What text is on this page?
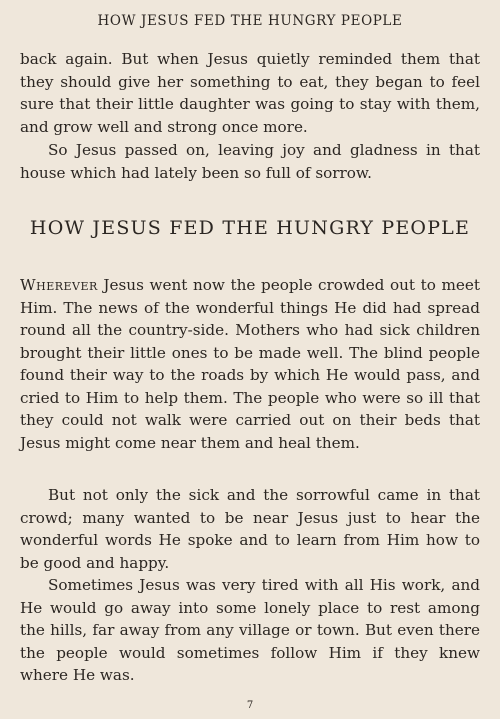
HOW JESUS FED THE HUNGRY PEOPLE

back again. But when Jesus quietly reminded them that they should give her something to eat, they began to feel sure that their little daughter was going to stay with them, and grow well and strong once more.

So Jesus passed on, leaving joy and gladness in that house which had lately been so full of sorrow.

HOW JESUS FED THE HUNGRY PEOPLE

Wherever Jesus went now the people crowded out to meet Him. The news of the wonderful things He did had spread round all the country-side. Mothers who had sick children brought their little ones to be made well. The blind people found their way to the roads by which He would pass, and cried to Him to help them. The people who were so ill that they could not walk were carried out on their beds that Jesus might come near them and heal them.

But not only the sick and the sorrowful came in that crowd; many wanted to be near Jesus just to hear the wonderful words He spoke and to learn from Him how to be good and happy.

Sometimes Jesus was very tired with all His work, and He would go away into some lonely place to rest among the hills, far away from any village or town. But even there the people would sometimes follow Him if they knew where He was.

7
